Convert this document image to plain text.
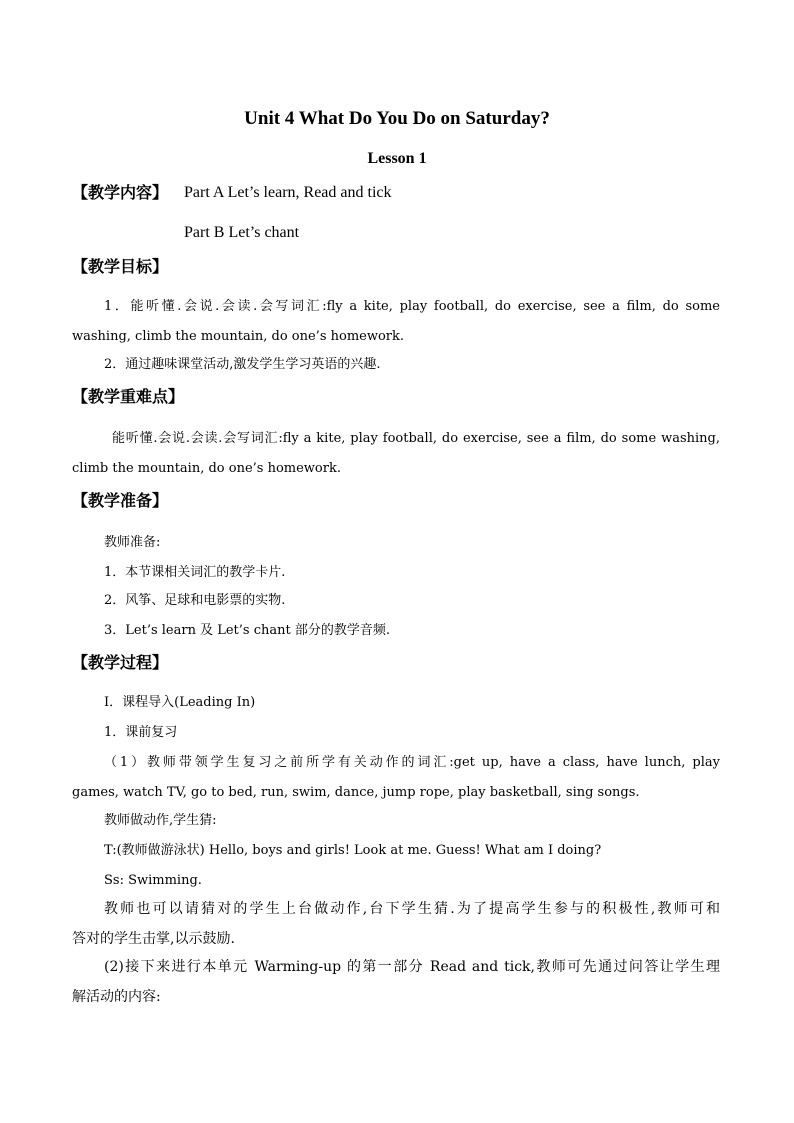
Unit 4 What Do You Do on Saturday?
Lesson 1
【教学内容】 Part A Let’s learn, Read and tick
Part B Let’s chant
【教学目标】
1．能听懂.会说.会读.会写词汇:fly a kite, play football, do exercise, see a film, do some
washing, climb the mountain, do one’s homework.
2．通过趣味课堂活动,激发学生学习英语的兴趣.
【教学重难点】
能听懂.会说.会读.会写词汇:fly a kite, play football, do exercise, see a film, do some washing,
climb the mountain, do one’s homework.
【教学准备】
教师准备:
1．本节课相关词汇的教学卡片.
2．风筝、足球和电影票的实物.
3．Let’s learn 及 Let’s chant 部分的教学音频.
【教学过程】
Ⅰ．课程导入(Leading In)
1．课前复习
（1）教师带领学生复习之前所学有关动作的词汇:get up, have a class, have lunch, play
games, watch TV, go to bed, run, swim, dance, jump rope, play basketball, sing songs.
教师做动作,学生猜:
T:(教师做游泳状) Hello, boys and girls! Look at me. Guess! What am I doing?
Ss: Swimming.
教师也可以请猜对的学生上台做动作,台下学生猜.为了提高学生参与的积极性,教师可和
答对的学生击掌,以示鼓励.
(2)接下来进行本单元 Warming-up 的第一部分 Read and tick,教师可先通过问答让学生理
解活动的内容:
